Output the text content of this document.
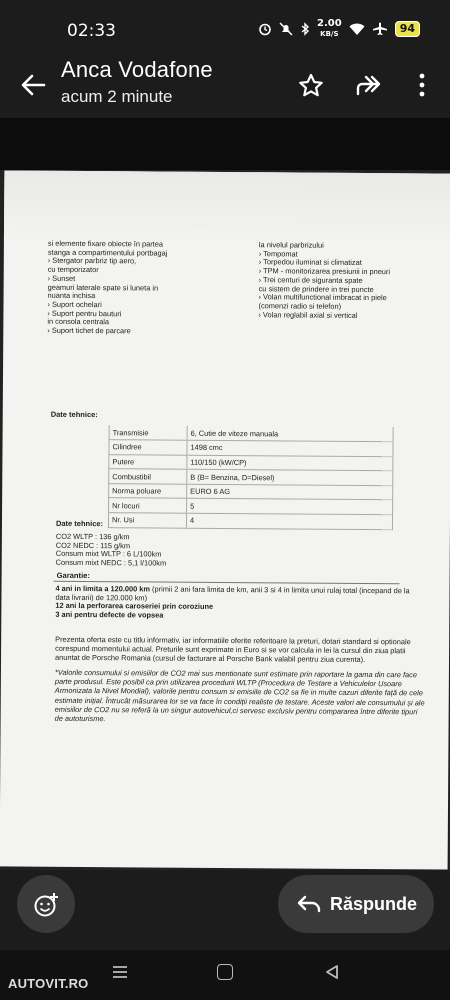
02:33	2.00
KB/S	94
Anca Vodafone
acum 2 minute
si elemente fixare obiecte în partea
stanga a compartimentului portbagaj
› Stergator parbriz tip aero,
cu temporizator
› Sunset
geamuri laterale spate si luneta in
nuanta inchisa
› Suport ochelari
› Suport pentru bauturi
in consola centrala
› Suport tichet de parcare
la nivelul parbrizului
› Tempomat
› Torpedou iluminat si climatizat
› TPM - monitorizarea presiunii in pneuri
› Trei centuri de siguranta spate
cu sistem de prindere in trei puncte
› Volan multifunctional imbracat in piele
(comenzi radio si telefon)
› Volan reglabil axial si vertical
Date tehnice:
Transmisie	6, Cutie de viteze manuala
Cilindree	1498 cmc
Putere	110/150 (kW/CP)
Combustibil	B (B= Benzina, D=Diesel)
Norma poluare	EURO 6 AG
Nr locuri	5
Nr. Usi	4
Date tehnice:
CO2 WLTP : 136 g/km
CO2 NEDC : 115 g/km
Consum mixt WLTP : 6 L/100km
Consum mixt NEDC : 5,1 l/100km
Garantie:
4 ani in limita a 120.000 km (primii 2 ani fara limita de km, anii 3 si 4 in limita unui rulaj total (incepand de la data livrarii) de 120.000 km)
12 ani la perforarea caroseriei prin coroziune
3 ani pentru defecte de vopsea
Prezenta oferta este cu titlu informativ, iar informatiile oferite referitoare la preturi, dotari standard si optionale corespund momentului actual. Preturile sunt exprimate in Euro si se vor calcula in lei la cursul din ziua platii anuntat de Porsche Romania (cursul de facturare al Porsche Bank valabil pentru ziua curenta).
*Valorile consumului si emisiilor de CO2 mai sus mentionate sunt estimate prin raportare la gama din care face parte produsul. Este posibil ca prin utilizarea procedurii WLTP (Procedura de Testare a Vehiculelor Usoare Armonizata la Nivel Mondial), valorile pentru consum si emisiile de CO2 sa fie in multe cazuri diferite față de cele estimate inițial. Întrucât măsurarea lor se va face în condiții realiste de testare. Aceste valori ale consumului și ale emisiilor de CO2 nu se referă la un singur autovehicul,ci servesc exclusiv pentru compararea între diferite tipuri de autoturisme.
Răspunde
AUTOVIT.RO
